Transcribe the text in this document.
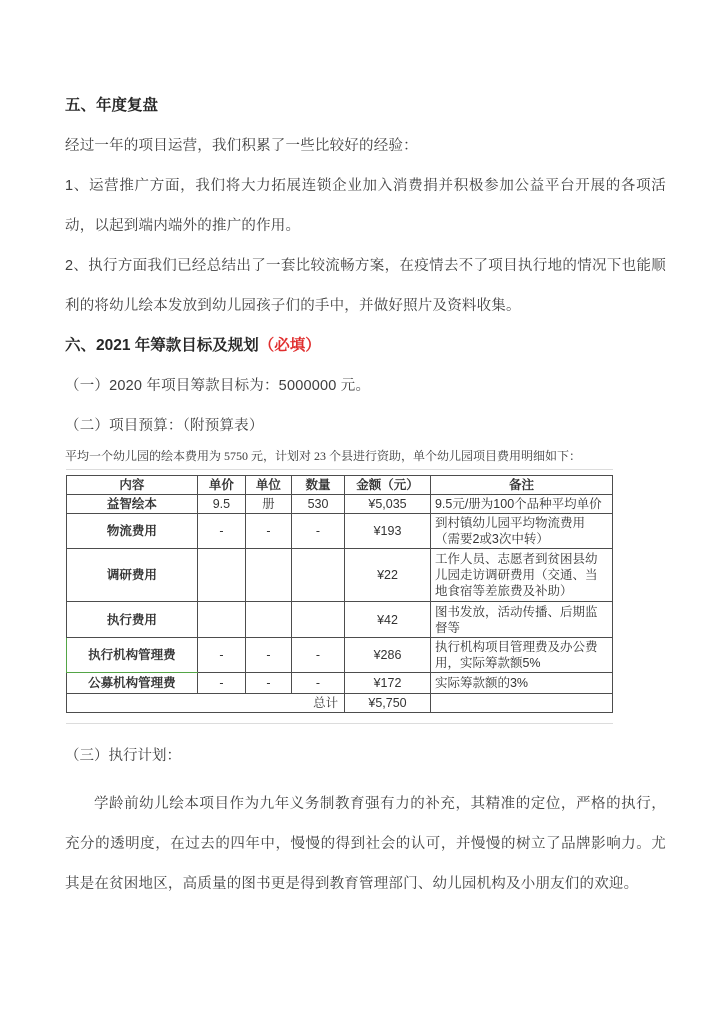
五、年度复盘

经过一年的项目运营，我们积累了一些比较好的经验：

1、运营推广方面，我们将大力拓展连锁企业加入消费捐并积极参加公益平台开展的各项活动，以起到端内端外的推广的作用。

2、执行方面我们已经总结出了一套比较流畅方案，在疫情去不了项目执行地的情况下也能顺利的将幼儿绘本发放到幼儿园孩子们的手中，并做好照片及资料收集。

六、2021 年筹款目标及规划（必填）

（一）2020 年项目筹款目标为：5000000 元。

（二）项目预算：（附预算表）

平均一个幼儿园的绘本费用为 5750 元，计划对 23 个县进行资助，单个幼儿园项目费用明细如下：

内容	单价	单位	数量	金额（元）	备注
益智绘本	9.5	册	530	¥5,035	9.5元/册为100个品种平均单价
物流费用	-	-	-	¥193	到村镇幼儿园平均物流费用（需要2或3次中转）
调研费用				¥22	工作人员、志愿者到贫困县幼儿园走访调研费用（交通、当地食宿等差旅费及补助）
执行费用				¥42	图书发放，活动传播、后期监督等
执行机构管理费	-	-	-	¥286	执行机构项目管理费及办公费用，实际筹款额5%
公募机构管理费	-	-	-	¥172	实际筹款额的3%
总计				¥5,750	
（三）执行计划：

学龄前幼儿绘本项目作为九年义务制教育强有力的补充，其精准的定位，严格的执行，充分的透明度，在过去的四年中，慢慢的得到社会的认可，并慢慢的树立了品牌影响力。尤其是在贫困地区，高质量的图书更是得到教育管理部门、幼儿园机构及小朋友们的欢迎。
